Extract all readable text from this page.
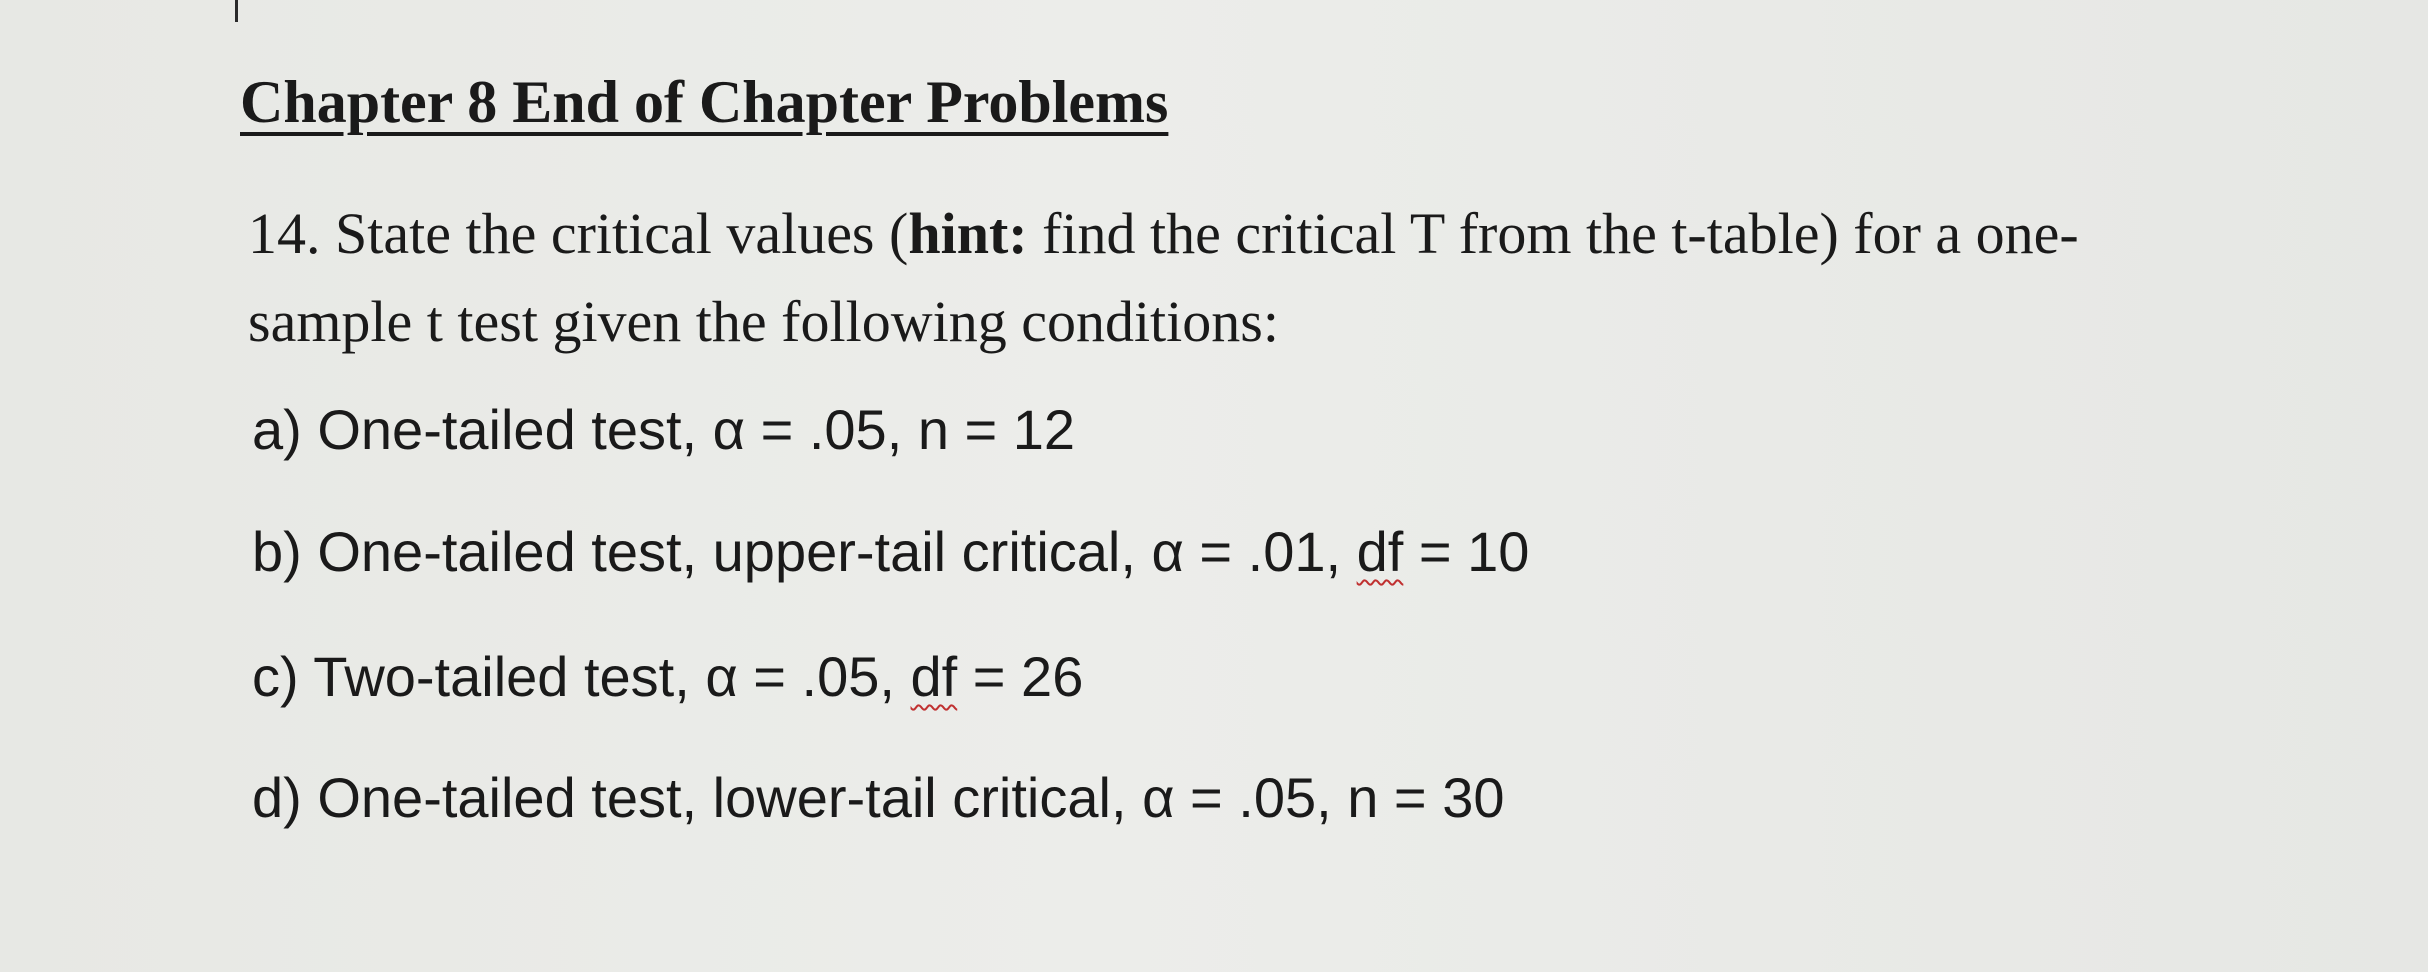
Chapter 8 End of Chapter Problems
14. State the critical values (hint: find the critical T from the t-table) for a one-
sample t test given the following conditions:
a) One-tailed test, α = .05, n = 12
b) One-tailed test, upper-tail critical, α = .01, df = 10
c) Two-tailed test, α = .05, df = 26
d) One-tailed test, lower-tail critical, α = .05, n = 30
